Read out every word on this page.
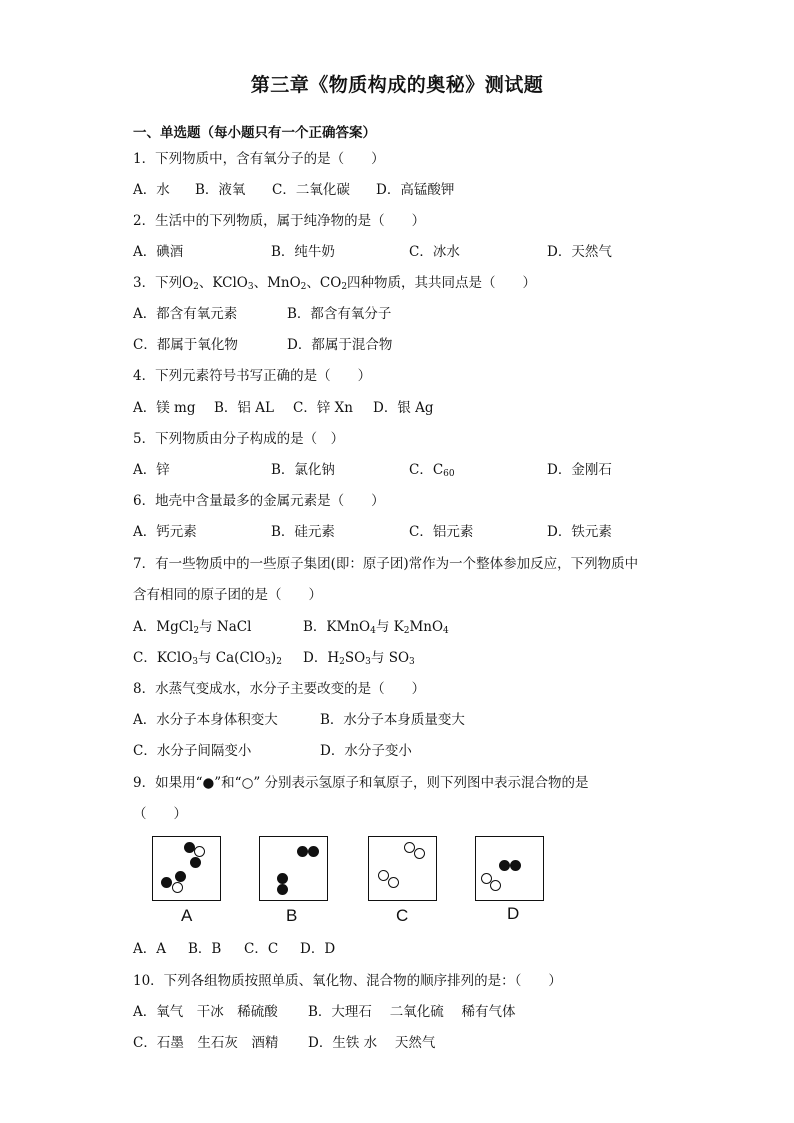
第三章《物质构成的奥秘》测试题
一、单选题（每小题只有一个正确答案）
1．下列物质中，含有氧分子的是（　　）
A．水 B．液氧 C．二氧化碳 D．高锰酸钾
2．生活中的下列物质，属于纯净物的是（　　）
A．碘酒	B．纯牛奶	C．冰水	D．天然气
3．下列$O_2$、KClO$_3$、MnO$_2$、$CO_2$四种物质，其共同点是（　　）
A．都含有氧元素	B．都含有氧分子
C．都属于氧化物	D．都属于混合物
4．下列元素符号书写正确的是（　　）
A．镁 mg B．铝 AL C．锌 Xn D．银 Ag
5．下列物质由分子构成的是（　）
A．锌	B．氯化钠	C．$C_{60}$	D．金刚石
6．地壳中含量最多的金属元素是（　　）
A．钙元素	B．硅元素	C．铝元素	D．铁元素
7．有一些物质中的一些原子集团(即：原子团)常作为一个整体参加反应，下列物质中
含有相同的原子团的是（　　）
A．MgCl$_2$与 NaCl	B．KMnO$_4$与 $K_2MnO_4$
C．KClO$_3$与 $Ca(ClO_3)_2$ D．$H_2SO_3$与 $SO_3$
8．水蒸气变成水，水分子主要改变的是（　　）
A．水分子本身体积变大	B．水分子本身质量变大
C．水分子间隔变小	D．水分子变小
9．如果用“●”和“○” 分别表示氢原子和氧原子，则下列图中表示混合物的是
（　　）
A	B	C	D
A．A B．B C．C D．D
10．下列各组物质按照单质、氧化物、混合物的顺序排列的是：（　　）
A．氧气　干冰　稀硫酸 B．大理石　 二氧化硫　 稀有气体
C．石墨　生石灰　酒精 D．生铁 水　 天然气
